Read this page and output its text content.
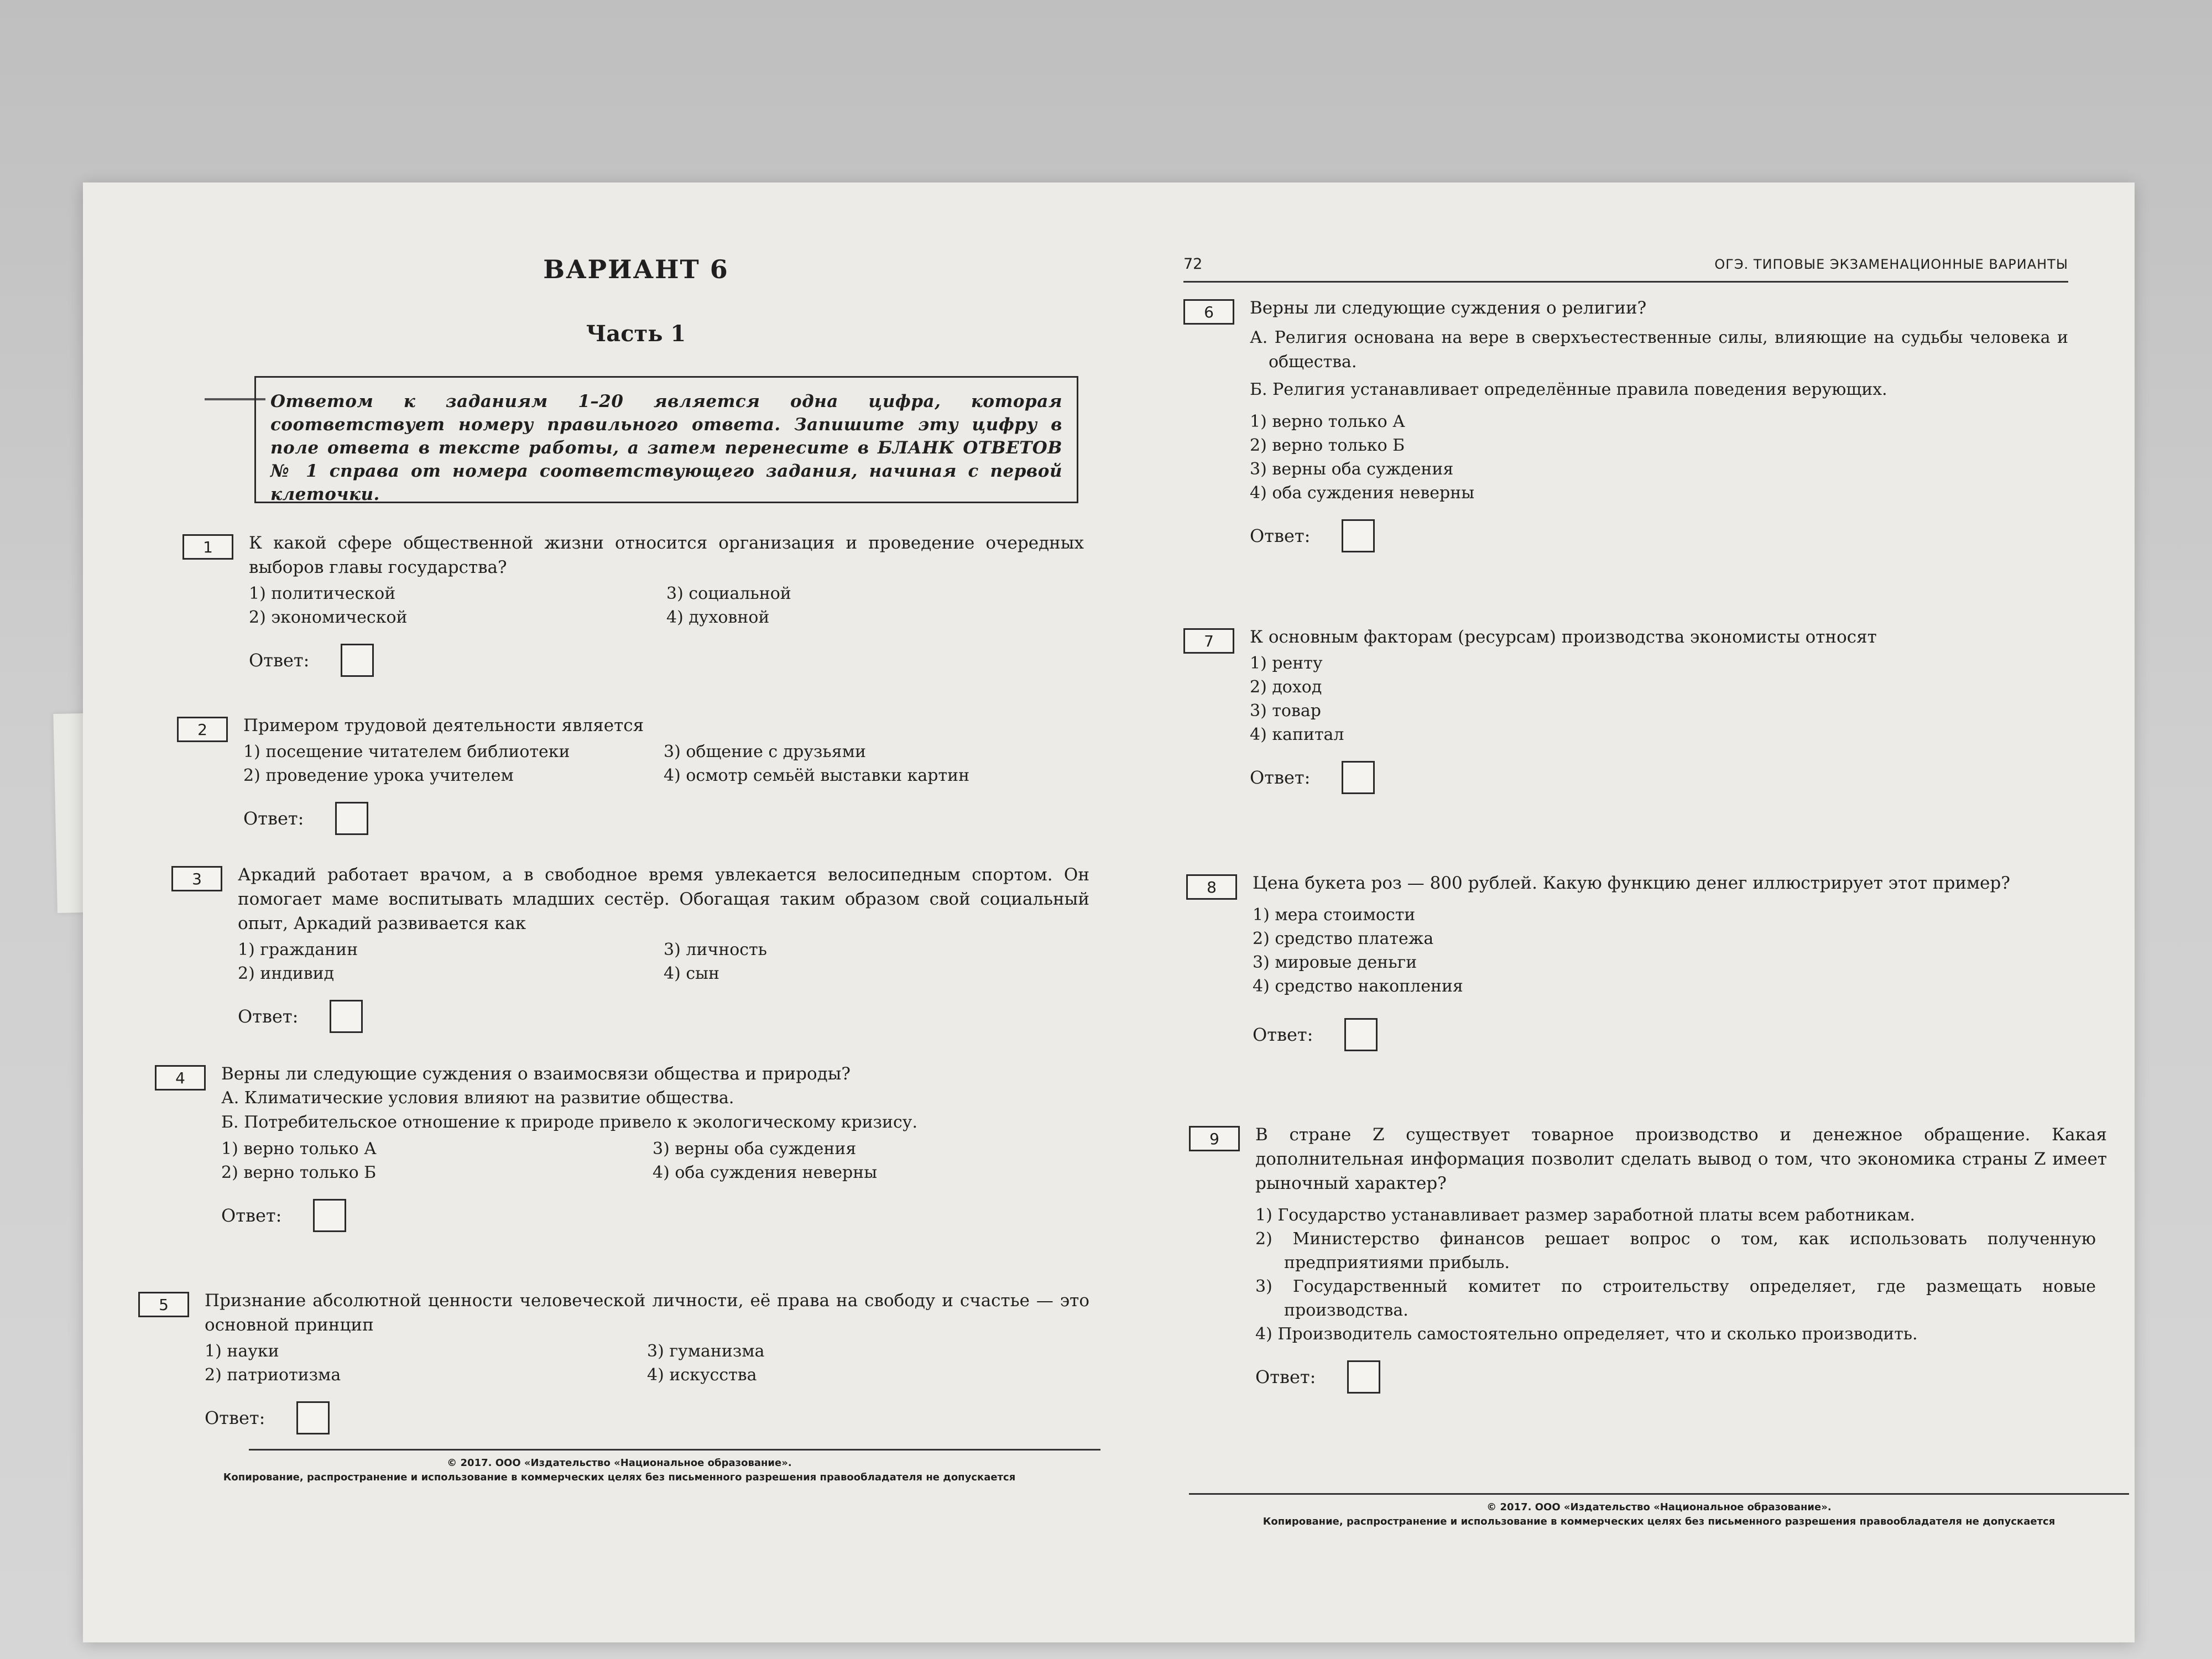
ВАРИАНТ 6
Часть 1
Ответом к заданиям 1–20 является одна цифра, которая соответствует номеру правильного ответа. Запишите эту цифру в поле ответа в тексте работы, а затем перенесите в БЛАНК ОТВЕТОВ № 1 справа от номера соответствующего задания, начиная с первой клеточки.
1	К какой сфере общественной жизни относится организация и проведение очередных выборов главы государства?
1) политической	3) социальной
2) экономической	4) духовной
Ответ:
2	Примером трудовой деятельности является
1) посещение читателем библиотеки	3) общение с друзьями
2) проведение урока учителем	4) осмотр семьёй выставки картин
Ответ:
3	Аркадий работает врачом, а в свободное время увлекается велосипедным спортом. Он помогает маме воспитывать младших сестёр. Обогащая таким образом свой социальный опыт, Аркадий развивается как
1) гражданин	3) личность
2) индивид	4) сын
Ответ:
4	Верны ли следующие суждения о взаимосвязи общества и природы?
А. Климатические условия влияют на развитие общества.
Б. Потребительское отношение к природе привело к экологическому кризису.
1) верно только А	3) верны оба суждения
2) верно только Б	4) оба суждения неверны
Ответ:
5	Признание абсолютной ценности человеческой личности, её права на свободу и счастье — это основной принцип
1) науки	3) гуманизма
2) патриотизма	4) искусства
Ответ:
© 2017. ООО «Издательство «Национальное образование».
Копирование, распространение и использование в коммерческих целях без письменного разрешения правообладателя не допускается
72	ОГЭ. ТИПОВЫЕ ЭКЗАМЕНАЦИОННЫЕ ВАРИАНТЫ
6	Верны ли следующие суждения о религии?
А. Религия основана на вере в сверхъестественные силы, влияющие на судьбы человека и общества.
Б. Религия устанавливает определённые правила поведения верующих.
1) верно только А
2) верно только Б
3) верны оба суждения
4) оба суждения неверны
Ответ:
7	К основным факторам (ресурсам) производства экономисты относят
1) ренту
2) доход
3) товар
4) капитал
Ответ:
8	Цена букета роз — 800 рублей. Какую функцию денег иллюстрирует этот пример?
1) мера стоимости
2) средство платежа
3) мировые деньги
4) средство накопления
Ответ:
9	В стране Z существует товарное производство и денежное обращение. Какая дополнительная информация позволит сделать вывод о том, что экономика страны Z имеет рыночный характер?
1) Государство устанавливает размер заработной платы всем работникам.
2) Министерство финансов решает вопрос о том, как использовать полученную предприятиями прибыль.
3) Государственный комитет по строительству определяет, где размещать новые производства.
4) Производитель самостоятельно определяет, что и сколько производить.
Ответ:
© 2017. ООО «Издательство «Национальное образование».
Копирование, распространение и использование в коммерческих целях без письменного разрешения правообладателя не допускается
